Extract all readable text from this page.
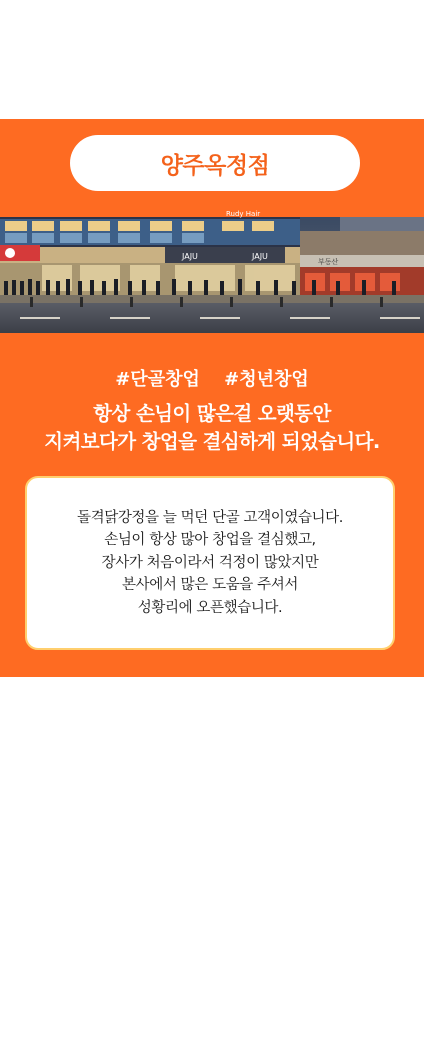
양주옥정점
JAJU	JAJU
Rudy Hair
부동산
#단골창업 #청년창업
항상 손님이 많은걸 오랫동안
지켜보다가 창업을 결심하게 되었습니다.
돌격닭강정을 늘 먹던 단골 고객이였습니다.
손님이 항상 많아 창업을 결심했고,
장사가 처음이라서 걱정이 많았지만
본사에서 많은 도움을 주셔서
성황리에 오픈했습니다.
